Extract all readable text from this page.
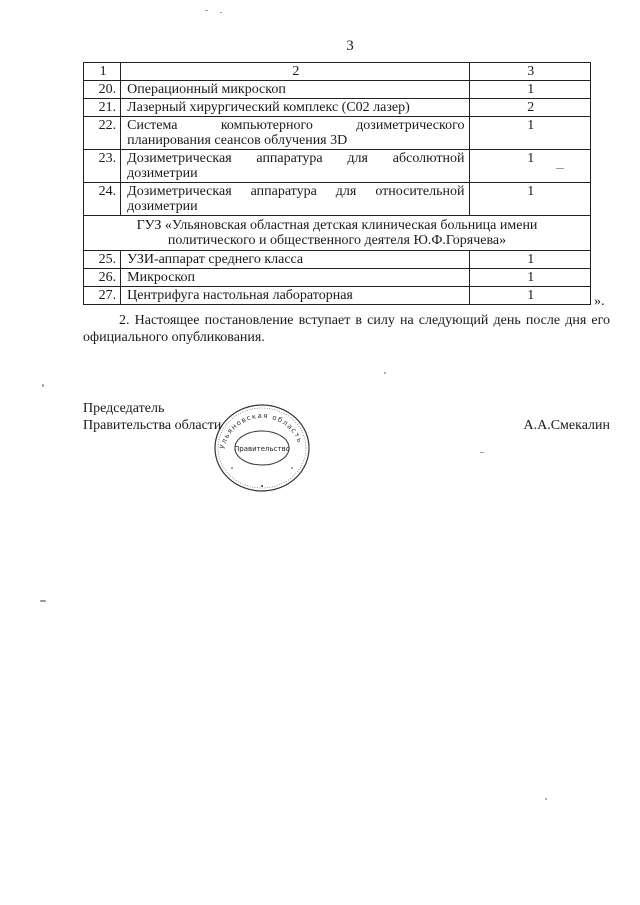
3
1	2	3
20.	Операционный микроскоп	1
21.	Лазерный хирургический комплекс (С02 лазер)	2
22.	Система компьютерного дозиметрического планирования сеансов облучения 3D	1
23.	Дозиметрическая аппаратура для абсолютной дозиметрии	1
24.	Дозиметрическая аппаратура для относительной дозиметрии	1
ГУЗ «Ульяновская областная детская клиническая больница имени политического и общественного деятеля Ю.Ф.Горячева»		
25.	УЗИ-аппарат среднего класса	1
26.	Микроскоп	1
27.	Центрифуга настольная лабораторная	1	».
2. Настоящее постановление вступает в силу на следующий день после дня его официального опубликования.
Ульяновская область
Правительство
Председатель
Правительства области	А.А.Смекалин
